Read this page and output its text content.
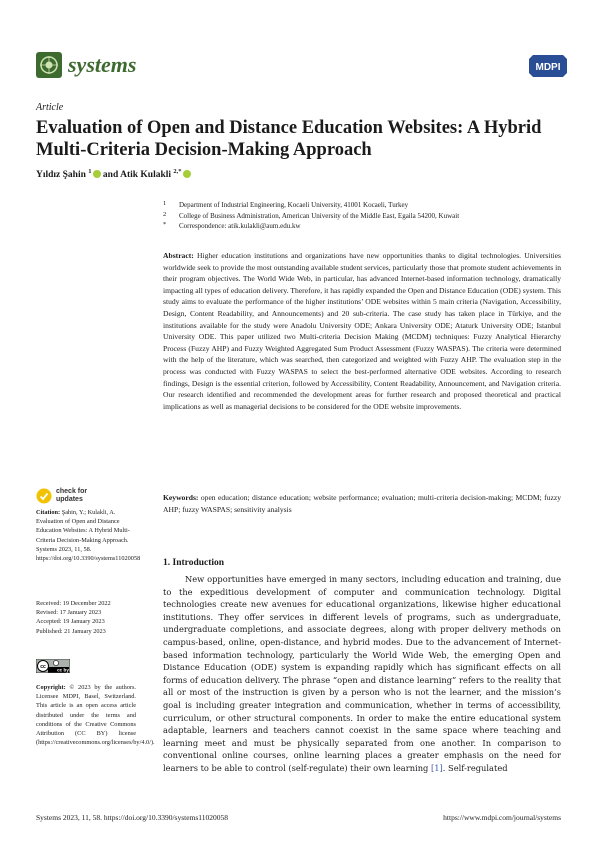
systems	MDPI
Article
Evaluation of Open and Distance Education Websites: A Hybrid Multi-Criteria Decision-Making Approach
Yıldız Şahin $^1$ and Atik Kulakli $^{2,*}$
1 Department of Industrial Engineering, Kocaeli University, 41001 Kocaeli, Turkey
2 College of Business Administration, American University of the Middle East, Egaila 54200, Kuwait
* Correspondence: atik.kulakli@aum.edu.kw
Abstract: Higher education institutions and organizations have new opportunities thanks to digital technologies. Universities worldwide seek to provide the most outstanding available student services, particularly those that promote student achievements in their program objectives. The World Wide Web, in particular, has advanced Internet-based information technology, dramatically impacting all types of education delivery. Therefore, it has rapidly expanded the Open and Distance Education (ODE) system. This study aims to evaluate the performance of the higher institutions’ ODE websites within 5 main criteria (Navigation, Accessibility, Design, Content Readability, and Announcements) and 20 sub-criteria. The case study has taken place in Türkiye, and the institutions available for the study were Anadolu University ODE; Ankara University ODE; Ataturk University ODE; Istanbul University ODE. This paper utilized two Multi-criteria Decision Making (MCDM) techniques: Fuzzy Analytical Hierarchy Process (Fuzzy AHP) and Fuzzy Weighted Aggregated Sum Product Assessment (Fuzzy WASPAS). The criteria were determined with the help of the literature, which was searched, then categorized and weighted with Fuzzy AHP. The evaluation step in the process was conducted with Fuzzy WASPAS to select the best-performed alternative ODE websites. According to research findings, Design is the essential criterion, followed by Accessibility, Content Readability, Announcement, and Navigation criteria. Our research identified and recommended the development areas for further research and proposed theoretical and practical implications as well as managerial decisions to be considered for the ODE website improvements.
Keywords: open education; distance education; website performance; evaluation; multi-criteria decision-making; MCDM; fuzzy AHP; fuzzy WASPAS; sensitivity analysis
check for updates
Citation: Şahin, Y.; Kulakli, A. Evaluation of Open and Distance Education Websites: A Hybrid Multi-Criteria Decision-Making Approach. Systems 2023, 11, 58. https://doi.org/10.3390/systems11020058
Received: 19 December 2022
Revised: 17 January 2023
Accepted: 19 January 2023
Published: 21 January 2023
cc
cc by
Copyright: © 2023 by the authors. Licensee MDPI, Basel, Switzerland. This article is an open access article distributed under the terms and conditions of the Creative Commons Attribution (CC BY) license (https://creativecommons.org/licenses/by/4.0/).
1. Introduction

New opportunities have emerged in many sectors, including education and training, due to the expeditious development of computer and communication technology. Digital technologies create new avenues for educational organizations, likewise higher educational institutions. They offer services in different levels of programs, such as undergraduate, undergraduate completions, and associate degrees, along with proper delivery methods on campus-based, online, open-distance, and hybrid modes. Due to the advancement of Internet-based information technology, particularly the World Wide Web, the emerging Open and Distance Education (ODE) system is expanding rapidly which has significant effects on all forms of education delivery. The phrase “open and distance learning” refers to the reality that all or most of the instruction is given by a person who is not the learner, and the mission’s goal is including greater integration and communication, whether in terms of accessibility, curriculum, or other structural components. In order to make the entire educational system adaptable, learners and teachers cannot coexist in the same space where teaching and learning meet and must be physically separated from one another. In comparison to conventional online courses, online learning places a greater emphasis on the need for learners to be able to control (self-regulate) their own learning [1]. Self-regulated

Systems 2023, 11, 58. https://doi.org/10.3390/systems11020058	https://www.mdpi.com/journal/systems
